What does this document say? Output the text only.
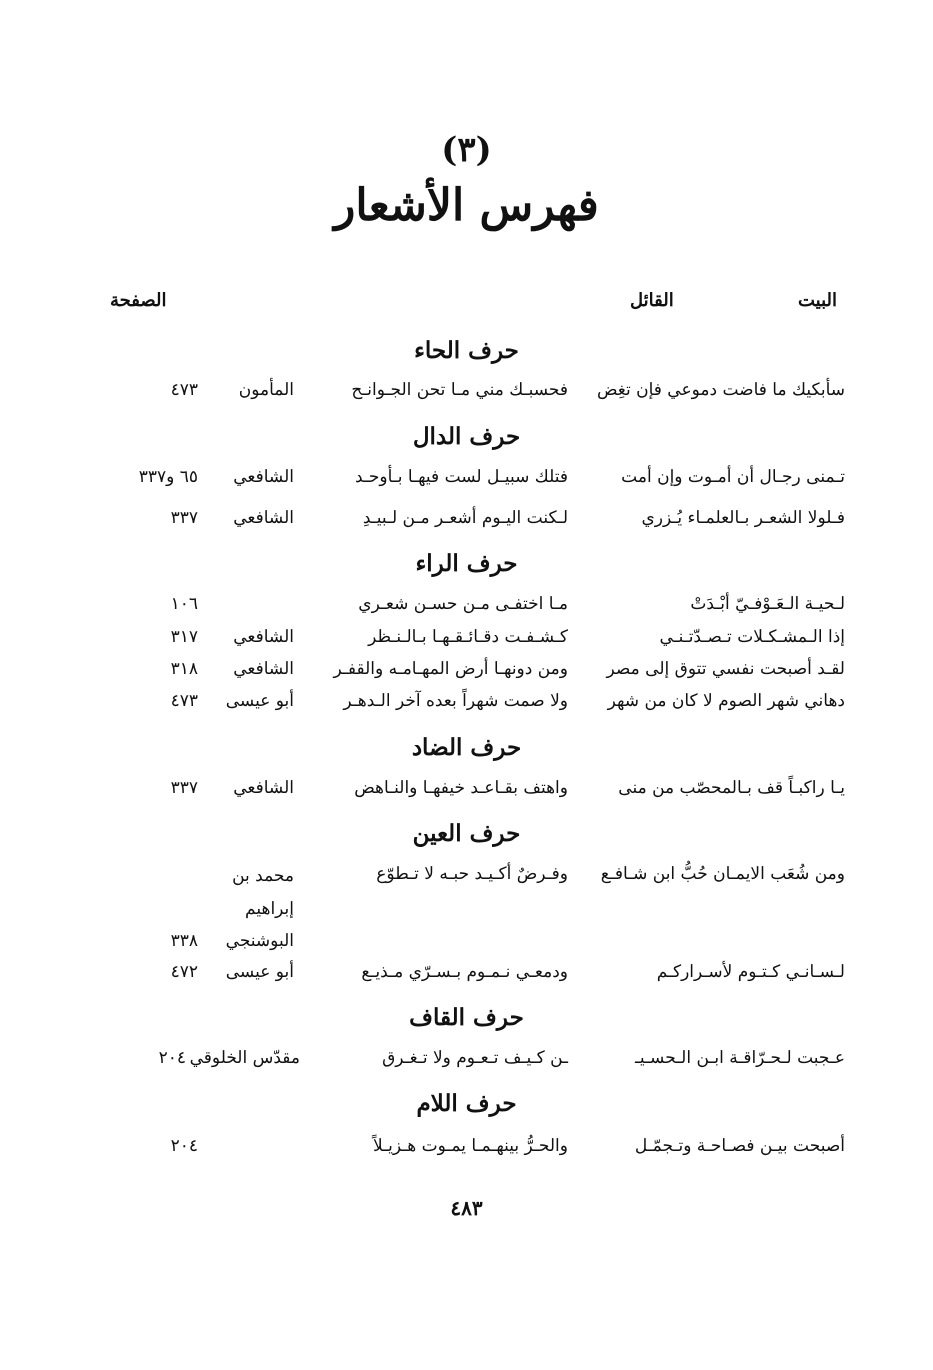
(٣)
فهرس الأشعار
البيت
القائل
الصفحة
حرف الحاء
سأبكيك ما فاضت دموعي فإن تغِض
فحسبـك مني مـا تحن الجـوانـح
المأمون
٤٧٣
حرف الدال
تـمنى رجـال أن أمـوت وإن أمت
فتلك سبيـل لست فيهـا بـأوحـد
الشافعي
٦٥ و٣٣٧
فـلولا الشعـر بـالعلمـاء يُـزري
لـكنت اليـوم أشعـر مـن لـبيـدِ
الشافعي
٣٣٧
حرف الراء
لـحيـة الـعَـوْفـيّ أبْـدَتْ
مـا اختفـى مـن حسـن شعـري
١٠٦
إذا الـمشـكـلات تـصـدّتـنـي
كـشـفـت دقـائـقـهـا بـالـنـظر
الشافعي
٣١٧
لقـد أصبحت نفسي تتوق إلى مصر
ومن دونهـا أرض المهـامـه والقفـر
الشافعي
٣١٨
دهاني شهر الصوم لا كان من شهر
ولا صمت شهراً بعده آخر الـدهـر
أبو عيسى
٤٧٣
حرف الضاد
يـا راكبـاً قف بـالمحصّب من منى
واهتف بقـاعـد خيفهـا والنـاهض
الشافعي
٣٣٧
حرف العين
ومن شُعَب الايمـان حُبُّ ابن شـافـع
وفـرضٌ أكـيـد حبـه لا تـطوّع
محمد بن
إبراهيم
البوشنجي
٣٣٨
لـسـانـي كـتـوم لأسـراركـم
ودمعـي نـمـوم بـسـرّي مـذيـع
أبو عيسى
٤٧٢
حرف القاف
عـجبت لـحـرّاقـة ابـن الـحسـيـ
ـن كـيـف تـعـوم ولا تـغـرق
مقدّس الخلوقي
٢٠٤
حرف اللام
أصبحت بيـن فصـاحـة وتـجمّـل
والحـرُّ بينهـمـا يمـوت هـزيـلاً
٢٠٤
٤٨٣
